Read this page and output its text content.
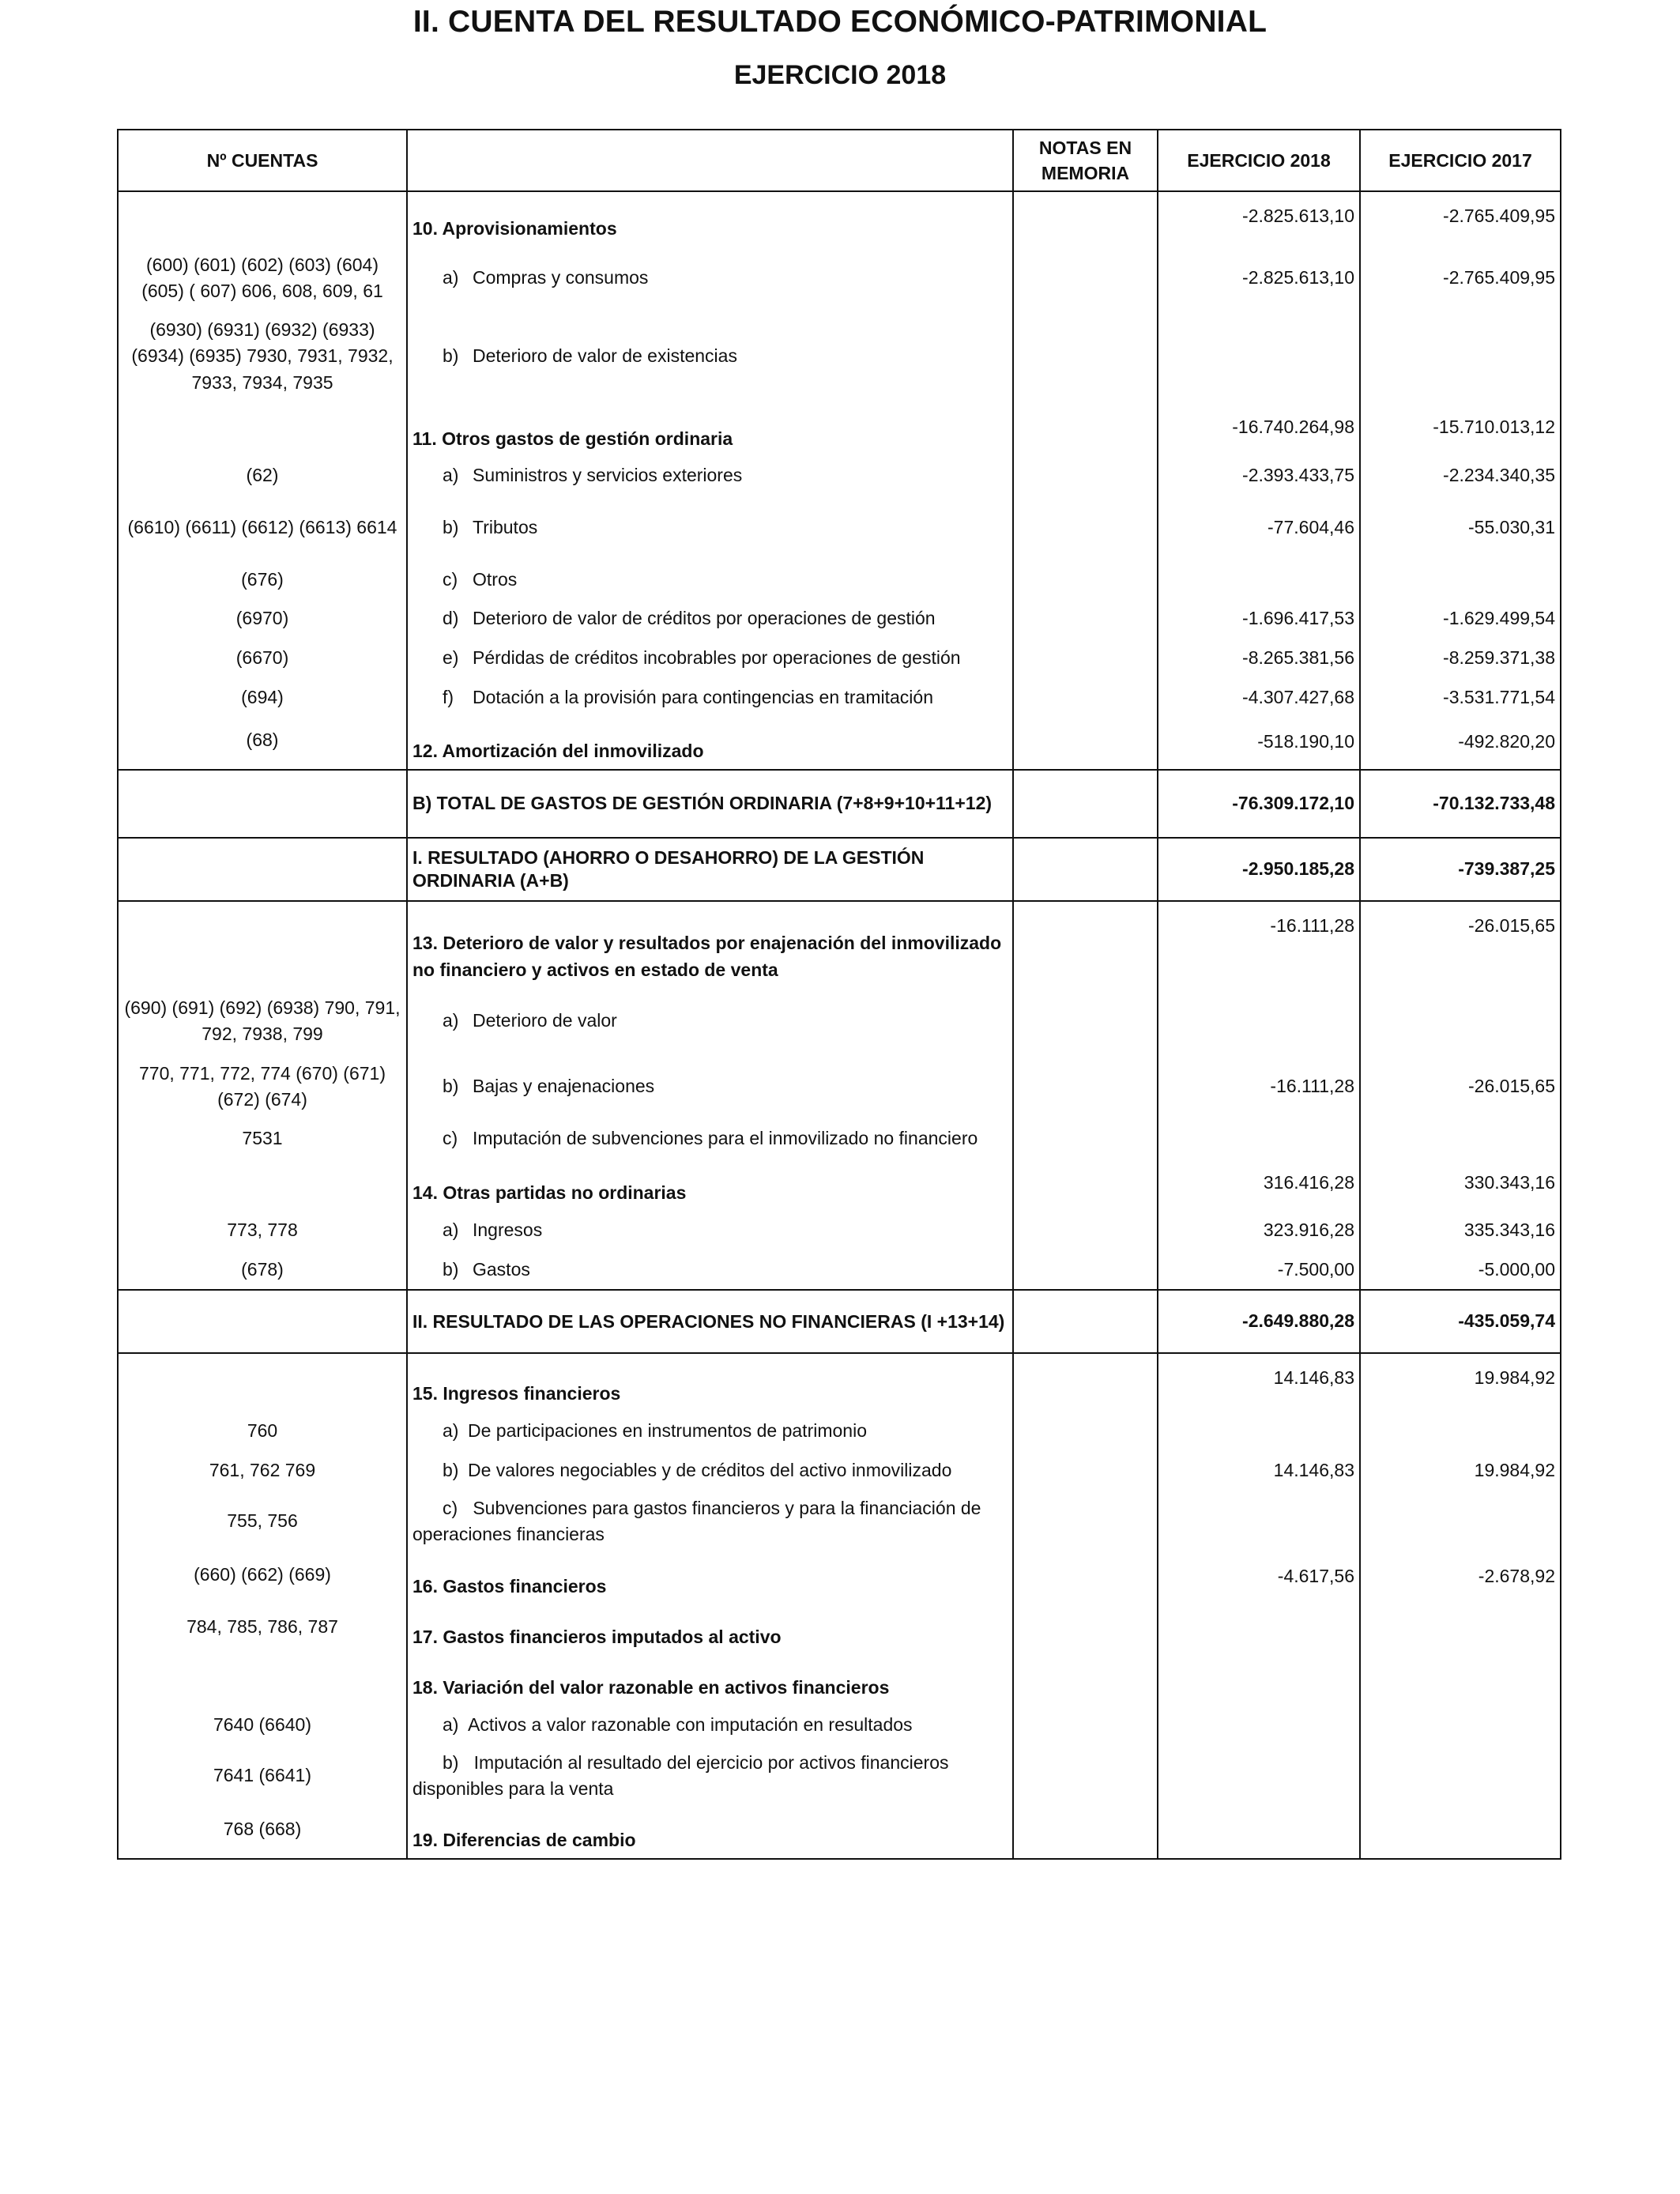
II. CUENTA DEL RESULTADO ECONÓMICO-PATRIMONIAL
EJERCICIO 2018
Nº CUENTAS		NOTAS EN MEMORIA	EJERCICIO 2018	EJERCICIO 2017
	10. Aprovisionamientos		-2.825.613,10	-2.765.409,95
(600) (601) (602) (603) (604) (605) ( 607) 606, 608, 609, 61	a) Compras y consumos		-2.825.613,10	-2.765.409,95
(6930) (6931) (6932) (6933) (6934) (6935) 7930, 7931, 7932, 7933, 7934, 7935	b) Deterioro de valor de existencias			
	11. Otros gastos de gestión ordinaria		-16.740.264,98	-15.710.013,12
(62)	a) Suministros y servicios exteriores		-2.393.433,75	-2.234.340,35
(6610) (6611) (6612) (6613) 6614	b) Tributos		-77.604,46	-55.030,31
(676)	c) Otros			
(6970)	d) Deterioro de valor de créditos por operaciones de gestión		-1.696.417,53	-1.629.499,54
(6670)	e) Pérdidas de créditos incobrables por operaciones de gestión		-8.265.381,56	-8.259.371,38
(694)	f) Dotación a la provisión para contingencias en tramitación		-4.307.427,68	-3.531.771,54
(68)	12. Amortización del inmovilizado		-518.190,10	-492.820,20
	B) TOTAL DE GASTOS DE GESTIÓN ORDINARIA (7+8+9+10+11+12)		-76.309.172,10	-70.132.733,48
	I. RESULTADO (AHORRO O DESAHORRO) DE LA GESTIÓN ORDINARIA (A+B)		-2.950.185,28	-739.387,25
	13. Deterioro de valor y resultados por enajenación del inmovilizado no financiero y activos en estado de venta		-16.111,28	-26.015,65
(690) (691) (692) (6938) 790, 791, 792, 7938, 799	a) Deterioro de valor			
770, 771, 772, 774 (670) (671) (672) (674)	b) Bajas y enajenaciones		-16.111,28	-26.015,65
7531	c) Imputación de subvenciones para el inmovilizado no financiero			
	14. Otras partidas no ordinarias		316.416,28	330.343,16
773, 778	a) Ingresos		323.916,28	335.343,16
(678)	b) Gastos		-7.500,00	-5.000,00
	II. RESULTADO DE LAS OPERACIONES NO FINANCIERAS (I +13+14)		-2.649.880,28	-435.059,74
	15. Ingresos financieros		14.146,83	19.984,92
760	a) De participaciones en instrumentos de patrimonio			
761, 762 769	b) De valores negociables y de créditos del activo inmovilizado		14.146,83	19.984,92
755, 756	c) Subvenciones para gastos financieros y para la financiación de operaciones financieras			
(660) (662) (669)	16. Gastos financieros		-4.617,56	-2.678,92
784, 785, 786, 787	17. Gastos financieros imputados al activo			
	18. Variación del valor razonable en activos financieros			
7640 (6640)	a) Activos a valor razonable con imputación en resultados			
7641 (6641)	b) Imputación al resultado del ejercicio por activos financieros disponibles para la venta			
768 (668)	19. Diferencias de cambio			
